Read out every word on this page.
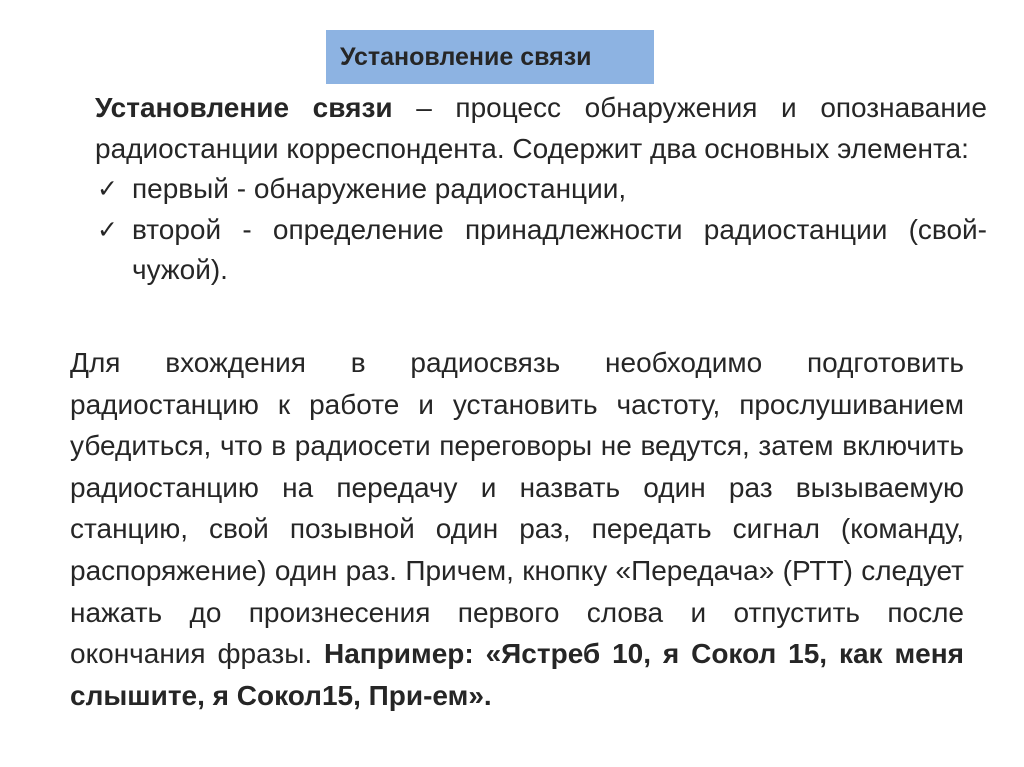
Установление связи

Установление связи – процесс обнаружения и опознавание радиостанции корреспондента. Содержит два основных элемента:

✓ первый - обнаружение радиостанции,
✓ второй - определение принадлежности радиостанции (свой-чужой).

Для вхождения в радиосвязь необходимо подготовить радиостанцию к работе и установить частоту, прослушиванием убедиться, что в радиосети переговоры не ведутся, затем включить радиостанцию на передачу и назвать один раз вызываемую станцию, свой позывной один раз, передать сигнал (команду, распоряжение) один раз. Причем, кнопку «Передача» (РТТ) следует нажать до произнесения первого слова и отпустить после окончания фразы. Например: «Ястреб 10, я Сокол 15, как меня слышите, я Сокол15, При-ем».
